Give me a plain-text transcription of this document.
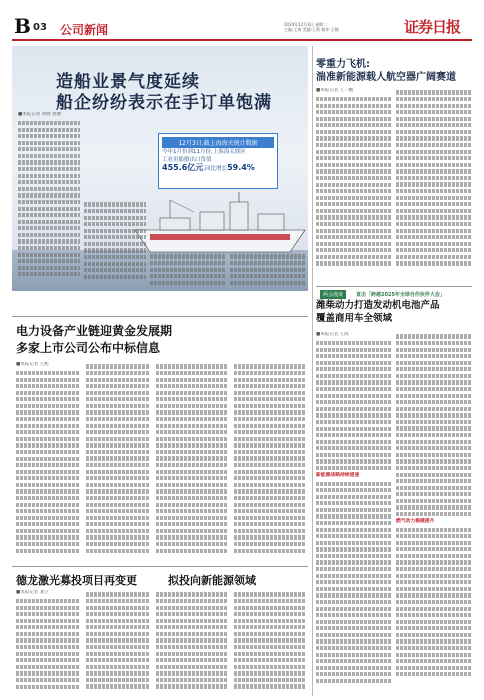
B 03 公司新闻	2024年12月3日 星期二
主编:王海 美编:王莉 制作:王楠	证券日报
造船业景气度延续
船企纷纷表示在手订单饱满
12月3日,截上海海关统计数据
今年1月份到11月份,上海海关辖区
工业用船舶出口货值
455.6亿元,同比增长59.4%
■本报记者 刘晓 龚聚
零重力飞机:
湍准新能源载人航空器广阔赛道
■本报记者 王一鹏
两会漫谈	直击「跨越2025年全球合作伙伴大会」
潍柴动力打造发动机电池产品
覆盖商用车全领域
■本报记者 王海
新能源战略持续提速
燃气动力稳健提升
电力设备产业链迎黄金发展期
多家上市公司公布中标信息
■本报记者 王熙
德龙激光募投项目再变更	拟投向新能源领域
■本报记者 龚立
